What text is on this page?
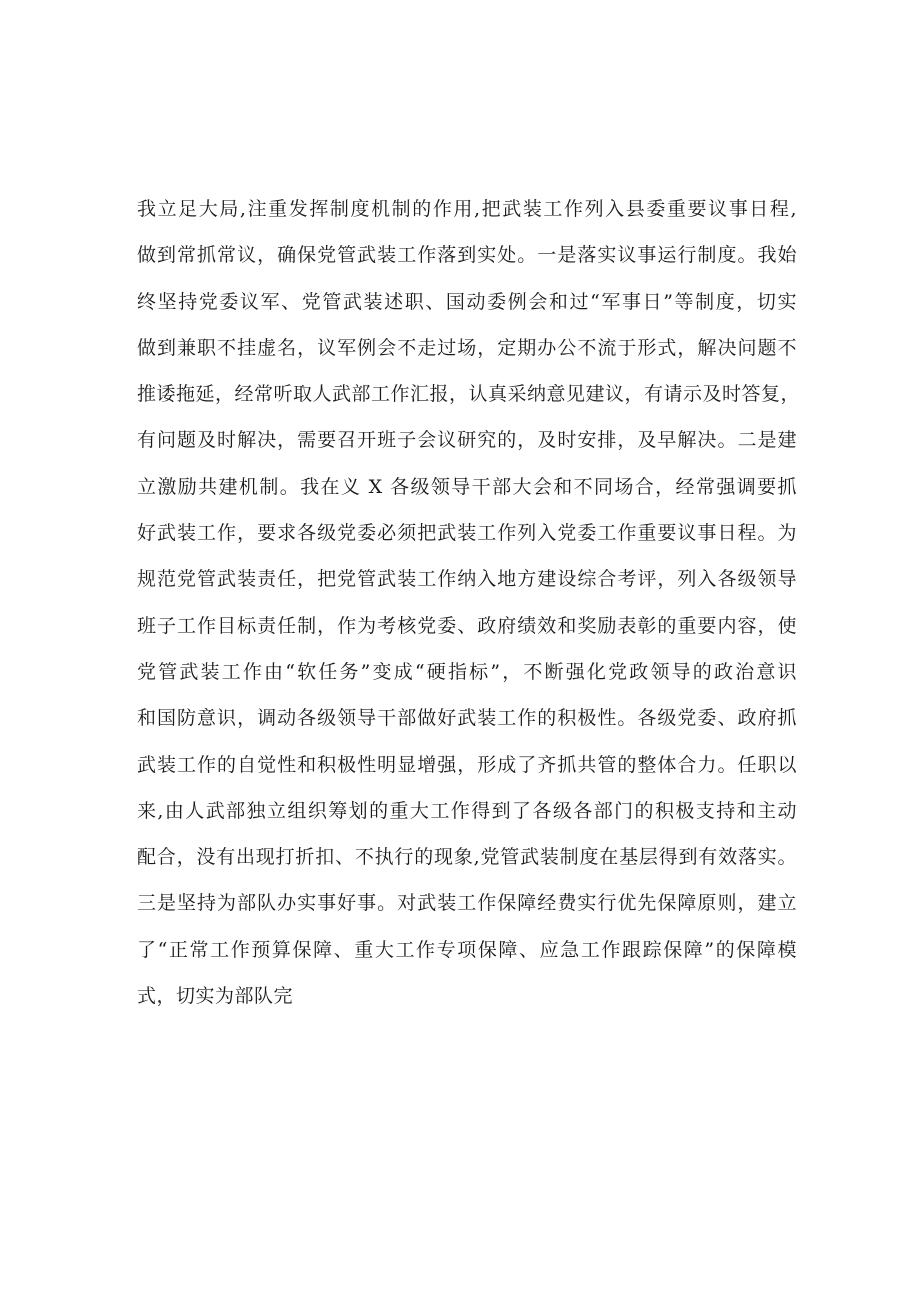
我立足大局,注重发挥制度机制的作用,把武装工作列入县委重要议事日程,
做到常抓常议，确保党管武装工作落到实处。一是落实议事运行制度。我始
终坚持党委议军、党管武装述职、国动委例会和过“军事日”等制度，切实
做到兼职不挂虚名，议军例会不走过场，定期办公不流于形式，解决问题不
推诿拖延，经常听取人武部工作汇报，认真采纳意见建议，有请示及时答复，
有问题及时解决，需要召开班子会议研究的，及时安排，及早解决。二是建
立激励共建机制。我在义 X 各级领导干部大会和不同场合，经常强调要抓
好武装工作，要求各级党委必须把武装工作列入党委工作重要议事日程。为
规范党管武装责任，把党管武装工作纳入地方建设综合考评，列入各级领导
班子工作目标责任制，作为考核党委、政府绩效和奖励表彰的重要内容，使
党管武装工作由“软任务”变成“硬指标”，不断强化党政领导的政治意识
和国防意识，调动各级领导干部做好武装工作的积极性。各级党委、政府抓
武装工作的自觉性和积极性明显增强，形成了齐抓共管的整体合力。任职以
来,由人武部独立组织筹划的重大工作得到了各级各部门的积极支持和主动
配合，没有出现打折扣、不执行的现象,党管武装制度在基层得到有效落实。
三是坚持为部队办实事好事。对武装工作保障经费实行优先保障原则，建立
了“正常工作预算保障、重大工作专项保障、应急工作跟踪保障”的保障模
式，切实为部队完
